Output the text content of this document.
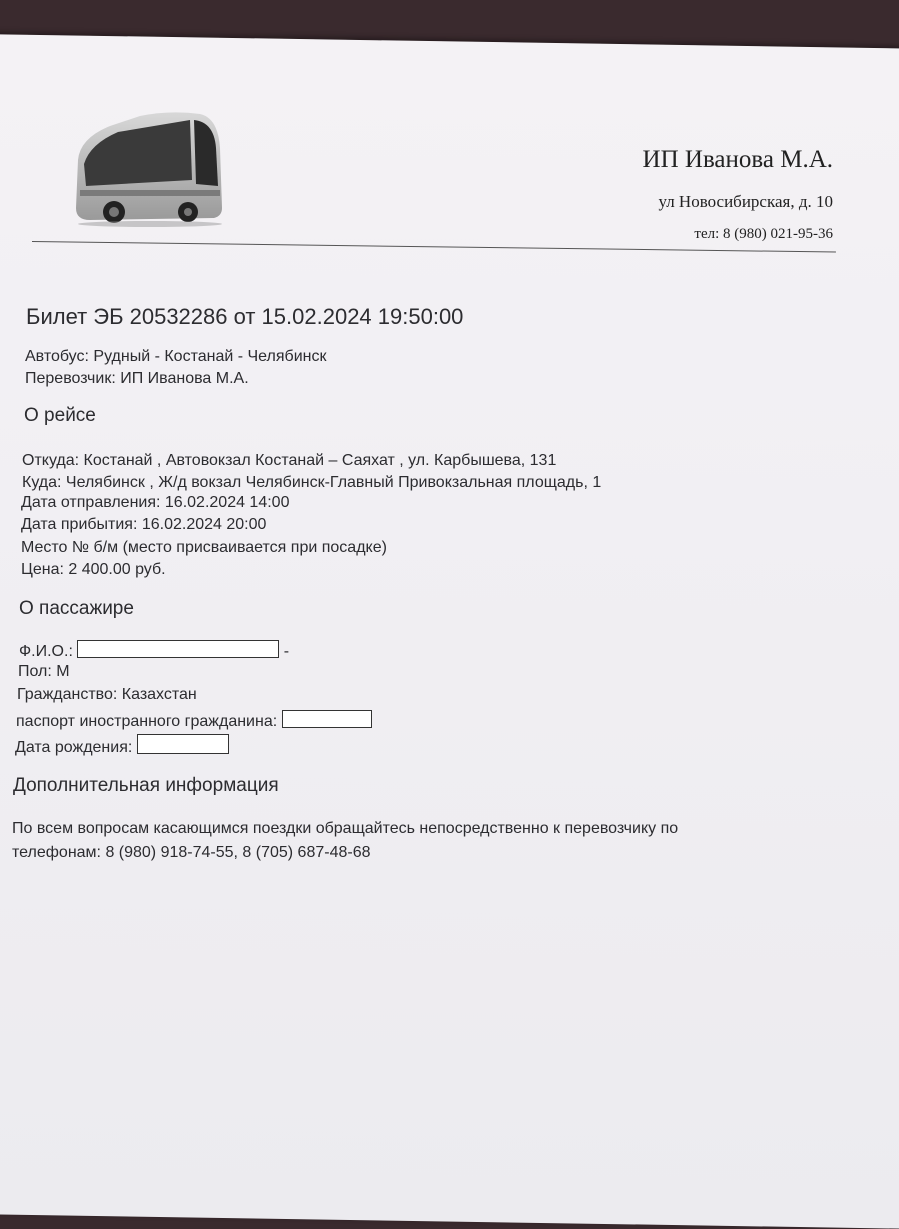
ИП Иванова М.А.
ул Новосибирская, д. 10
тел: 8 (980) 021-95-36
Билет ЭБ 20532286 от 15.02.2024 19:50:00
Автобус: Рудный - Костанай - Челябинск
Перевозчик: ИП Иванова М.А.
О рейсе
Откуда: Костанай , Автовокзал Костанай – Саяхат , ул. Карбышева, 131
Куда: Челябинск , Ж/д вокзал Челябинск-Главный Привокзальная площадь, 1
Дата отправления: 16.02.2024 14:00
Дата прибытия: 16.02.2024 20:00
Место № б/м (место присваивается при посадке)
Цена: 2 400.00 руб.
О пассажире
Ф.И.О.:	-
Пол: М
Гражданство: Казахстан
паспорт иностранного гражданина:
Дата рождения:
Дополнительная информация
По всем вопросам касающимся поездки обращайтесь непосредственно к перевозчику по
телефонам: 8 (980) 918-74-55, 8 (705) 687-48-68
